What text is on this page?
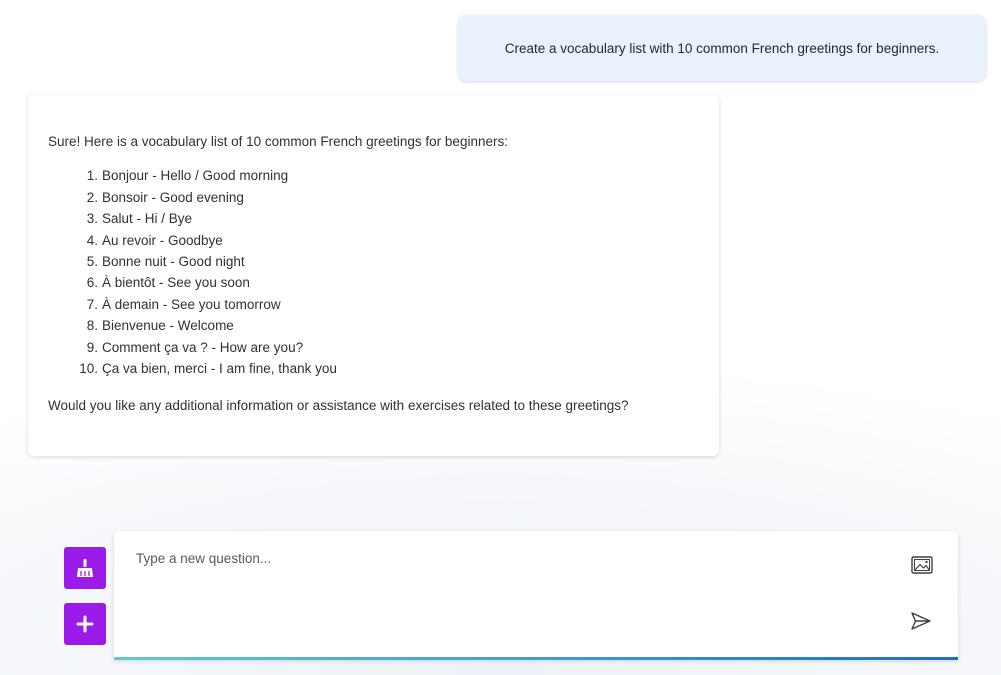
Create a vocabulary list with 10 common French greetings for beginners.

Sure! Here is a vocabulary list of 10 common French greetings for beginners:

1. Bonjour - Hello / Good morning
2. Bonsoir - Good evening
3. Salut - Hi / Bye
4. Au revoir - Goodbye
5. Bonne nuit - Good night
6. À bientôt - See you soon
7. À demain - See you tomorrow
8. Bienvenue - Welcome
9. Comment ça va ? - How are you?
10. Ça va bien, merci - I am fine, thank you

Would you like any additional information or assistance with exercises related to these greetings?

Type a new question...
